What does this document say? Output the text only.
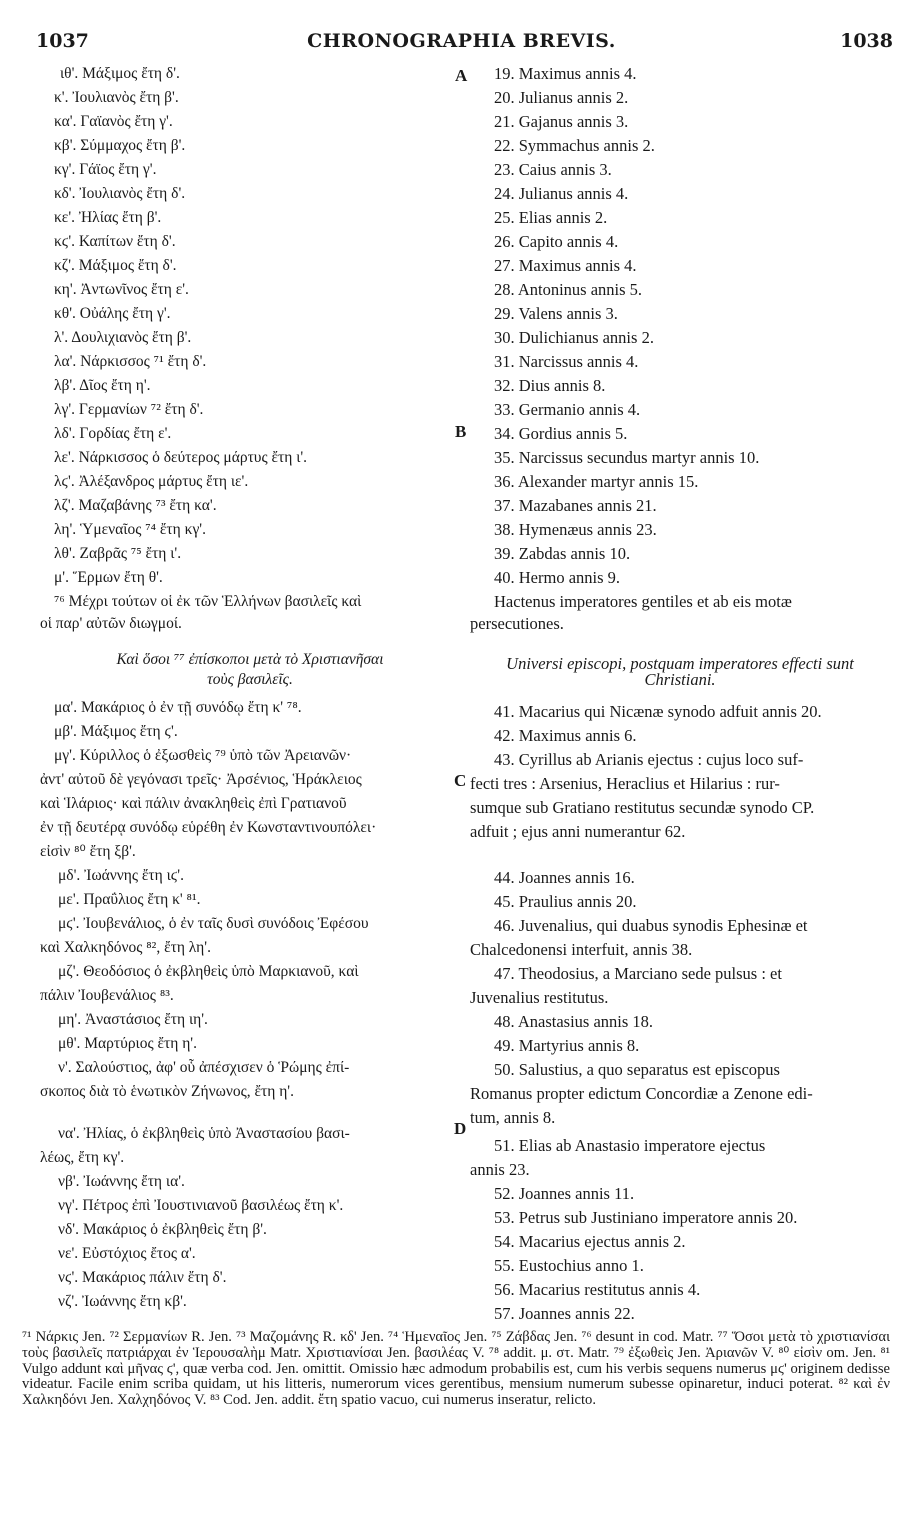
1037	CHRONOGRAPHIA BREVIS.	1038
A
B
C
D
ιθ'. Μάξιμος ἔτη δ'.
κ'. Ἰουλιανὸς ἔτη β'.
κα'. Γαϊανὸς ἔτη γ'.
κβ'. Σύμμαχος ἔτη β'.
κγ'. Γάϊος ἔτη γ'.
κδ'. Ἰουλιανὸς ἔτη δ'.
κε'. Ἠλίας ἔτη β'.
κϛ'. Καπίτων ἔτη δ'.
κζ'. Μάξιμος ἔτη δ'.
κη'. Ἀντωνῖνος ἔτη ε'.
κθ'. Οὐάλης ἔτη γ'.
λ'. Δουλιχιανὸς ἔτη β'.
λα'. Νάρκισσος ⁷¹ ἔτη δ'.
λβ'. Δῖος ἔτη η'.
λγ'. Γερμανίων ⁷² ἔτη δ'.
λδ'. Γορδίας ἔτη ε'.
λε'. Νάρκισσος ὁ δεύτερος μάρτυς ἔτη ι'.
λϛ'. Ἀλέξανδρος μάρτυς ἔτη ιε'.
λζ'. Μαζαβάνης ⁷³ ἔτη κα'.
λη'. Ὑμεναῖος ⁷⁴ ἔτη κγ'.
λθ'. Ζαβρᾶς ⁷⁵ ἔτη ι'.
μ'. Ἕρμων ἔτη θ'.
⁷⁶ Μέχρι τούτων οἱ ἐκ τῶν Ἑλλήνων βασιλεῖς καὶ
οἱ παρ' αὐτῶν διωγμοί.
Καὶ ὅσοι ⁷⁷ ἐπίσκοποι μετὰ τὸ Χριστιανῆσαι
τοὺς βασιλεῖς.
μα'. Μακάριος ὁ ἐν τῇ συνόδῳ ἔτη κ' ⁷⁸.
μβ'. Μάξιμος ἔτη ϛ'.
μγ'. Κύριλλος ὁ ἐξωσθεὶς ⁷⁹ ὑπὸ τῶν Ἀρειανῶν·
ἀντ' αὐτοῦ δὲ γεγόνασι τρεῖς· Ἀρσένιος, Ἡράκλειος
καὶ Ἱλάριος· καὶ πάλιν ἀνακληθεὶς ἐπὶ Γρατιανοῦ
ἐν τῇ δευτέρᾳ συνόδῳ εὑρέθη ἐν Κωνσταντινουπόλει·
εἰσὶν ⁸⁰ ἔτη ξβ'.
μδ'. Ἰωάννης ἔτη ιϛ'.
με'. Πραΰλιος ἔτη κ' ⁸¹.
μϛ'. Ἰουβενάλιος, ὁ ἐν ταῖς δυσὶ συνόδοις Ἐφέσου
καὶ Χαλκηδόνος ⁸², ἔτη λη'.
μζ'. Θεοδόσιος ὁ ἐκβληθεὶς ὑπὸ Μαρκιανοῦ, καὶ
πάλιν Ἰουβενάλιος ⁸³.
μη'. Ἀναστάσιος ἔτη ιη'.
μθ'. Μαρτύριος ἔτη η'.
ν'. Σαλούστιος, ἀφ' οὗ ἀπέσχισεν ὁ Ῥώμης ἐπί-
σκοπος διὰ τὸ ἑνωτικὸν Ζήνωνος, ἔτη η'.
να'. Ἠλίας, ὁ ἐκβληθεὶς ὑπὸ Ἀναστασίου βασι-
λέως, ἔτη κγ'.
νβ'. Ἰωάννης ἔτη ια'.
νγ'. Πέτρος ἐπὶ Ἰουστινιανοῦ βασιλέως ἔτη κ'.
νδ'. Μακάριος ὁ ἐκβληθεὶς ἔτη β'.
νε'. Εὐστόχιος ἔτος α'.
νϛ'. Μακάριος πάλιν ἔτη δ'.
νζ'. Ἰωάννης ἔτη κβ'.
19. Maximus annis 4.
20. Julianus annis 2.
21. Gajanus annis 3.
22. Symmachus annis 2.
23. Caius annis 3.
24. Julianus annis 4.
25. Elias annis 2.
26. Capito annis 4.
27. Maximus annis 4.
28. Antoninus annis 5.
29. Valens annis 3.
30. Dulichianus annis 2.
31. Narcissus annis 4.
32. Dius annis 8.
33. Germanio annis 4.
34. Gordius annis 5.
35. Narcissus secundus martyr annis 10.
36. Alexander martyr annis 15.
37. Mazabanes annis 21.
38. Hymenæus annis 23.
39. Zabdas annis 10.
40. Hermo annis 9.
Hactenus imperatores gentiles et ab eis motæ
persecutiones.
Universi episcopi, postquam imperatores effecti sunt
Christiani.
41. Macarius qui Nicænæ synodo adfuit annis 20.
42. Maximus annis 6.
43. Cyrillus ab Arianis ejectus : cujus loco suf-
fecti tres : Arsenius, Heraclius et Hilarius : rur-
sumque sub Gratiano restitutus secundæ synodo CP.
adfuit ; ejus anni numerantur 62.
44. Joannes annis 16.
45. Praulius annis 20.
46. Juvenalius, qui duabus synodis Ephesinæ et
Chalcedonensi interfuit, annis 38.
47. Theodosius, a Marciano sede pulsus : et
Juvenalius restitutus.
48. Anastasius annis 18.
49. Martyrius annis 8.
50. Salustius, a quo separatus est episcopus
Romanus propter edictum Concordiæ a Zenone edi-
tum, annis 8.
51. Elias ab Anastasio imperatore ejectus
annis 23.
52. Joannes annis 11.
53. Petrus sub Justiniano imperatore annis 20.
54. Macarius ejectus annis 2.
55. Eustochius anno 1.
56. Macarius restitutus annis 4.
57. Joannes annis 22.
⁷¹ Νάρκις Jen. ⁷² Σερμανίων R. Jen. ⁷³ Μαζομάνης R. κδ' Jen. ⁷⁴ Ἡμεναῖος Jen. ⁷⁵ Ζάβδας Jen. ⁷⁶ desunt in cod. Matr. ⁷⁷ Ὅσοι μετὰ τὸ χριστιανίσαι τοὺς βασιλεῖς πατριάρχαι ἐν Ἱερουσαλὴμ Matr. Χριστιανίσαι Jen. βασιλέας V. ⁷⁸ addit. μ. στ. Matr. ⁷⁹ ἐξωθεὶς Jen. Ἀριανῶν V. ⁸⁰ εἰσὶν om. Jen. ⁸¹ Vulgo addunt καὶ μῆνας ϛ', quæ verba cod. Jen. omittit. Omissio hæc admodum probabilis est, cum his verbis sequens numerus μϛ' originem dedisse videatur. Facile enim scriba quidam, ut his litteris, numerorum vices gerentibus, mensium numerum subesse opinaretur, induci poterat. ⁸² καὶ ἐν Χαλκηδόνι Jen. Χαλχηδόνος V. ⁸³ Cod. Jen. addit. ἔτη spatio vacuo, cui numerus inseratur, relicto.
